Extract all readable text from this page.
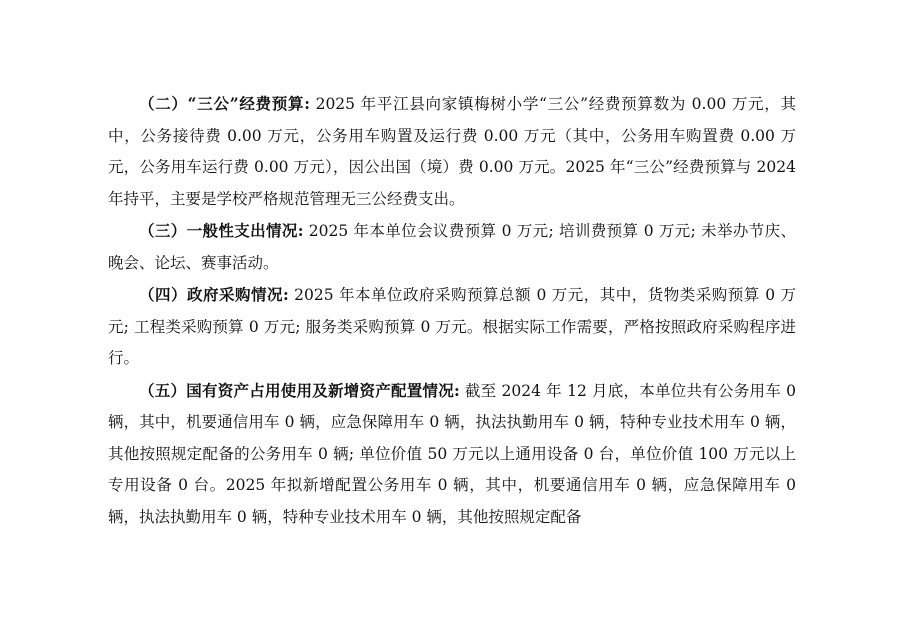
（二）“三公”经费预算: 2025 年平江县向家镇梅树小学“三公”经费预算数为 0.00 万元，其中，公务接待费 0.00 万元，公务用车购置及运行费 0.00 万元（其中，公务用车购置费 0.00 万元，公务用车运行费 0.00 万元），因公出国（境）费 0.00 万元。2025 年“三公”经费预算与 2024 年持平，主要是学校严格规范管理无三公经费支出。

（三）一般性支出情况: 2025 年本单位会议费预算 0 万元; 培训费预算 0 万元; 未举办节庆、晚会、论坛、赛事活动。

（四）政府采购情况: 2025 年本单位政府采购预算总额 0 万元，其中，货物类采购预算 0 万元; 工程类采购预算 0 万元; 服务类采购预算 0 万元。根据实际工作需要，严格按照政府采购程序进行。

（五）国有资产占用使用及新增资产配置情况: 截至 2024 年 12 月底，本单位共有公务用车 0 辆，其中，机要通信用车 0 辆，应急保障用车 0 辆，执法执勤用车 0 辆，特种专业技术用车 0 辆，其他按照规定配备的公务用车 0 辆; 单位价值 50 万元以上通用设备 0 台，单位价值 100 万元以上专用设备 0 台。2025 年拟新增配置公务用车 0 辆，其中，机要通信用车 0 辆，应急保障用车 0 辆，执法执勤用车 0 辆，特种专业技术用车 0 辆，其他按照规定配备
